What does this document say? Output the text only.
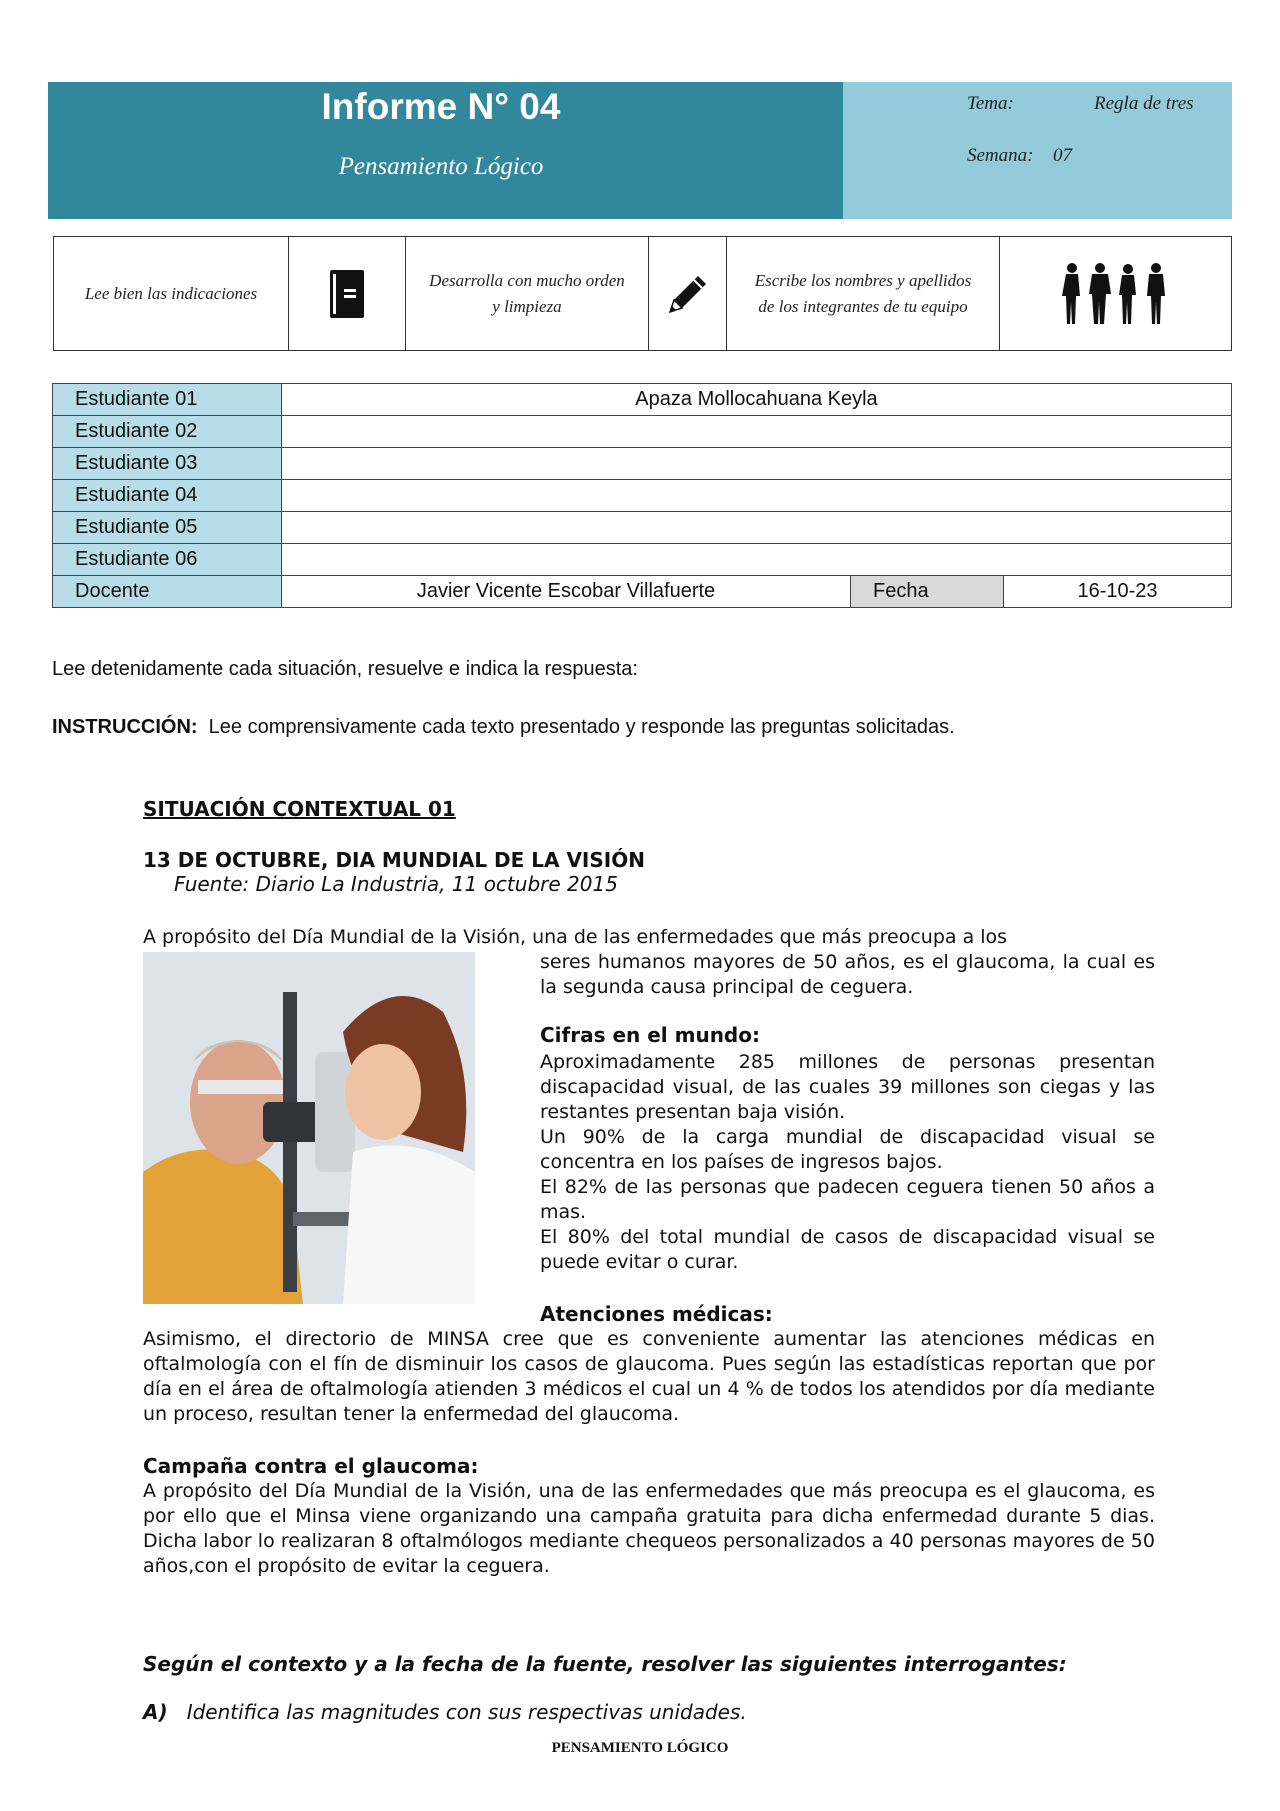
Informe N° 04
Pensamiento Lógico
Tema:	Regla de tres
Semana: 07
Lee bien las indicaciones
Desarrolla con mucho orden
y limpieza
Escribe los nombres y apellidos
de los integrantes de tu equipo
Estudiante 01	Apaza Mollocahuana Keyla		
Estudiante 02			
Estudiante 03			
Estudiante 04			
Estudiante 05			
Estudiante 06			
Docente	Javier Vicente Escobar Villafuerte	Fecha	16-10-23
Lee detenidamente cada situación, resuelve e indica la respuesta:
INSTRUCCIÓN: Lee comprensivamente cada texto presentado y responde las preguntas solicitadas.
SITUACIÓN CONTEXTUAL 01
13 DE OCTUBRE, DIA MUNDIAL DE LA VISIÓN
Fuente: Diario La Industria, 11 octubre 2015
A propósito del Día Mundial de la Visión, una de las enfermedades que más preocupa a los
seres humanos mayores de 50 años, es el glaucoma, la cual es la segunda causa principal de ceguera.
Cifras en el mundo:
Aproximadamente 285 millones de personas presentan discapacidad visual, de las cuales 39 millones son ciegas y las restantes presentan baja visión.
Un 90% de la carga mundial de discapacidad visual se concentra en los países de ingresos bajos.
El 82% de las personas que padecen ceguera tienen 50 años a mas.
El 80% del total mundial de casos de discapacidad visual se puede evitar o curar.
Atenciones médicas:
Asimismo, el directorio de MINSA cree que es conveniente aumentar las atenciones médicas en oftalmología con el fín de disminuir los casos de glaucoma. Pues según las estadísticas reportan que por día en el área de oftalmología atienden 3 médicos el cual un 4 % de todos los atendidos por día mediante un proceso, resultan tener la enfermedad del glaucoma.
Campaña contra el glaucoma:
A propósito del Día Mundial de la Visión, una de las enfermedades que más preocupa es el glaucoma, es por ello que el Minsa viene organizando una campaña gratuita para dicha enfermedad durante 5 dias. Dicha labor lo realizaran 8 oftalmólogos mediante chequeos personalizados a 40 personas mayores de 50 años,con el propósito de evitar la ceguera.
Según el contexto y a la fecha de la fuente, resolver las siguientes interrogantes:
A) Identifica las magnitudes con sus respectivas unidades.
PENSAMIENTO LÓGICO
